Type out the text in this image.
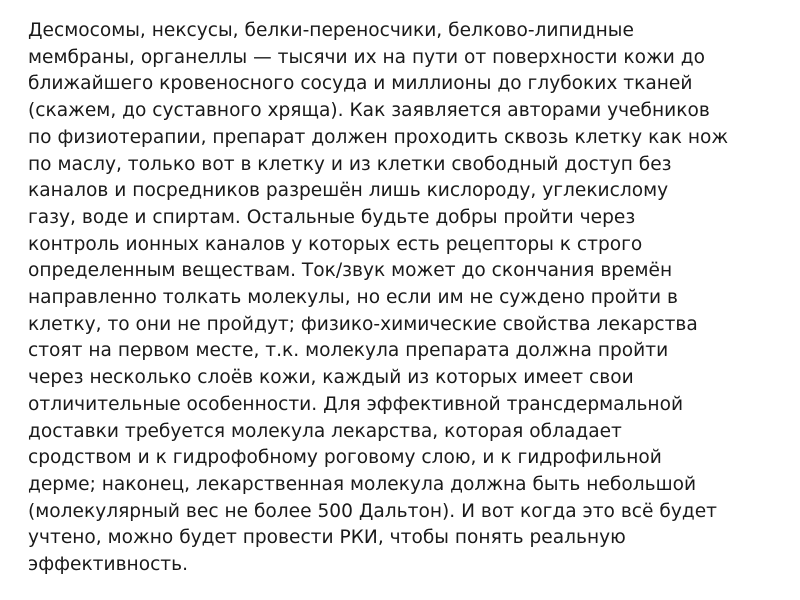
Десмосомы, нексусы, белки-переносчики, белково-липидные
мембраны, органеллы — тысячи их на пути от поверхности кожи до
ближайшего кровеносного сосуда и миллионы до глубоких тканей
(скажем, до суставного хряща). Как заявляется авторами учебников
по физиотерапии, препарат должен проходить сквозь клетку как нож
по маслу, только вот в клетку и из клетки свободный доступ без
каналов и посредников разрешён лишь кислороду, углекислому
газу, воде и спиртам. Остальные будьте добры пройти через
контроль ионных каналов у которых есть рецепторы к строго
определенным веществам. Ток/звук может до скончания времён
направленно толкать молекулы, но если им не суждено пройти в
клетку, то они не пройдут; физико-химические свойства лекарства
стоят на первом месте, т.к. молекула препарата должна пройти
через несколько слоёв кожи, каждый из которых имеет свои
отличительные особенности. Для эффективной трансдермальной
доставки требуется молекула лекарства, которая обладает
сродством и к гидрофобному роговому слою, и к гидрофильной
дерме; наконец, лекарственная молекула должна быть небольшой
(молекулярный вес не более 500 Дальтон). И вот когда это всё будет
учтено, можно будет провести РКИ, чтобы понять реальную
эффективность.
